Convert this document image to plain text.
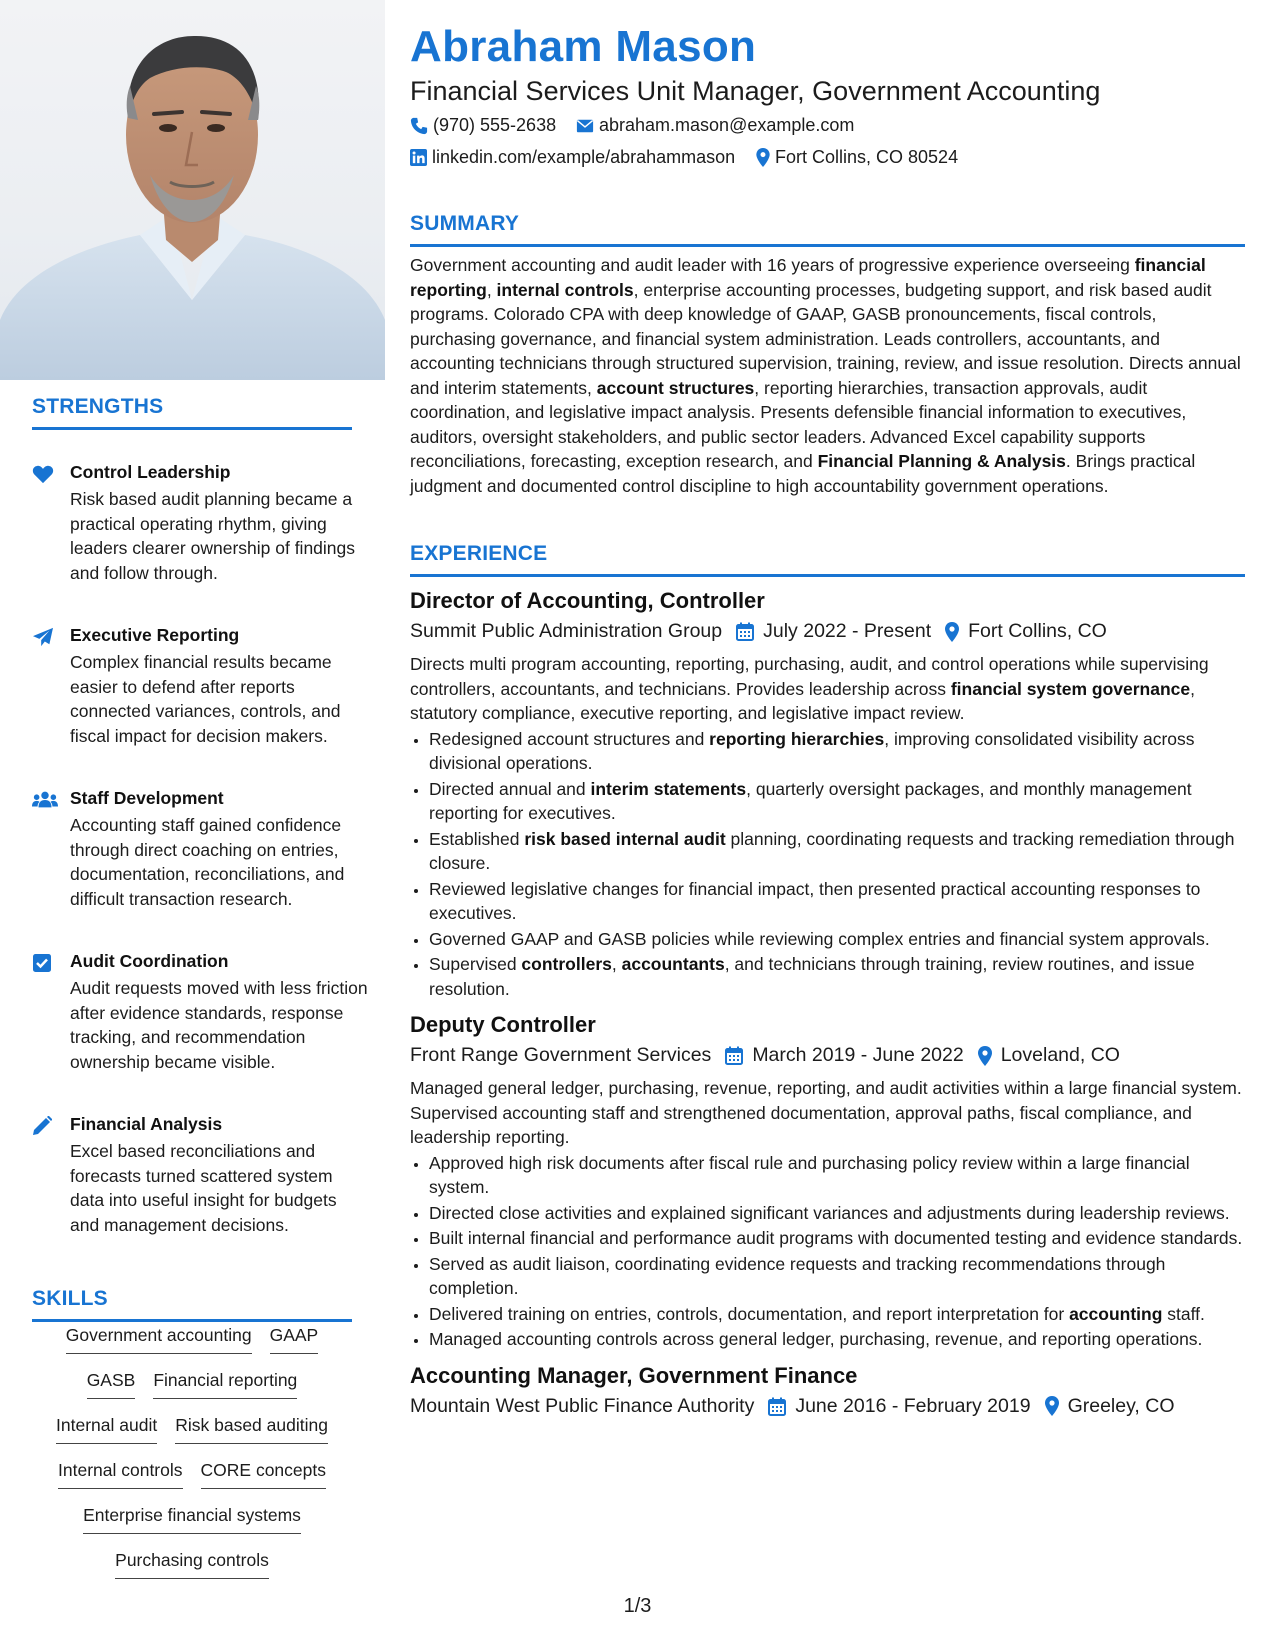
STRENGTHS
Control Leadership
Risk based audit planning became a practical operating rhythm, giving leaders clearer ownership of findings and follow through.
Executive Reporting
Complex financial results became easier to defend after reports connected variances, controls, and fiscal impact for decision makers.
Staff Development
Accounting staff gained confidence through direct coaching on entries, documentation, reconciliations, and difficult transaction research.
Audit Coordination
Audit requests moved with less friction after evidence standards, response tracking, and recommendation ownership became visible.
Financial Analysis
Excel based reconciliations and forecasts turned scattered system data into useful insight for budgets and management decisions.
SKILLS
Government accounting GAAP
GASB Financial reporting
Internal audit Risk based auditing
Internal controls CORE concepts
Enterprise financial systems
Purchasing controls
Abraham Mason
Financial Services Unit Manager, Government Accounting
(970) 555-2638 abraham.mason@example.com
linkedin.com/example/abrahammason Fort Collins, CO 80524
SUMMARY
Government accounting and audit leader with 16 years of progressive experience overseeing financial reporting, internal controls, enterprise accounting processes, budgeting support, and risk based audit programs. Colorado CPA with deep knowledge of GAAP, GASB pronouncements, fiscal controls, purchasing governance, and financial system administration. Leads controllers, accountants, and accounting technicians through structured supervision, training, review, and issue resolution. Directs annual and interim statements, account structures, reporting hierarchies, transaction approvals, audit coordination, and legislative impact analysis. Presents defensible financial information to executives, auditors, oversight stakeholders, and public sector leaders. Advanced Excel capability supports reconciliations, forecasting, exception research, and Financial Planning & Analysis. Brings practical judgment and documented control discipline to high accountability government operations.
EXPERIENCE
Director of Accounting, Controller
Summit Public Administration Group July 2022 - Present Fort Collins, CO
Directs multi program accounting, reporting, purchasing, audit, and control operations while supervising controllers, accountants, and technicians. Provides leadership across financial system governance, statutory compliance, executive reporting, and legislative impact review.
• Redesigned account structures and reporting hierarchies, improving consolidated visibility across divisional operations.
• Directed annual and interim statements, quarterly oversight packages, and monthly management reporting for executives.
• Established risk based internal audit planning, coordinating requests and tracking remediation through closure.
• Reviewed legislative changes for financial impact, then presented practical accounting responses to executives.
• Governed GAAP and GASB policies while reviewing complex entries and financial system approvals.
• Supervised controllers, accountants, and technicians through training, review routines, and issue resolution.
Deputy Controller
Front Range Government Services March 2019 - June 2022 Loveland, CO
Managed general ledger, purchasing, revenue, reporting, and audit activities within a large financial system. Supervised accounting staff and strengthened documentation, approval paths, fiscal compliance, and leadership reporting.
• Approved high risk documents after fiscal rule and purchasing policy review within a large financial system.
• Directed close activities and explained significant variances and adjustments during leadership reviews.
• Built internal financial and performance audit programs with documented testing and evidence standards.
• Served as audit liaison, coordinating evidence requests and tracking recommendations through completion.
• Delivered training on entries, controls, documentation, and report interpretation for accounting staff.
• Managed accounting controls across general ledger, purchasing, revenue, and reporting operations.
Accounting Manager, Government Finance
Mountain West Public Finance Authority June 2016 - February 2019 Greeley, CO
1/3
